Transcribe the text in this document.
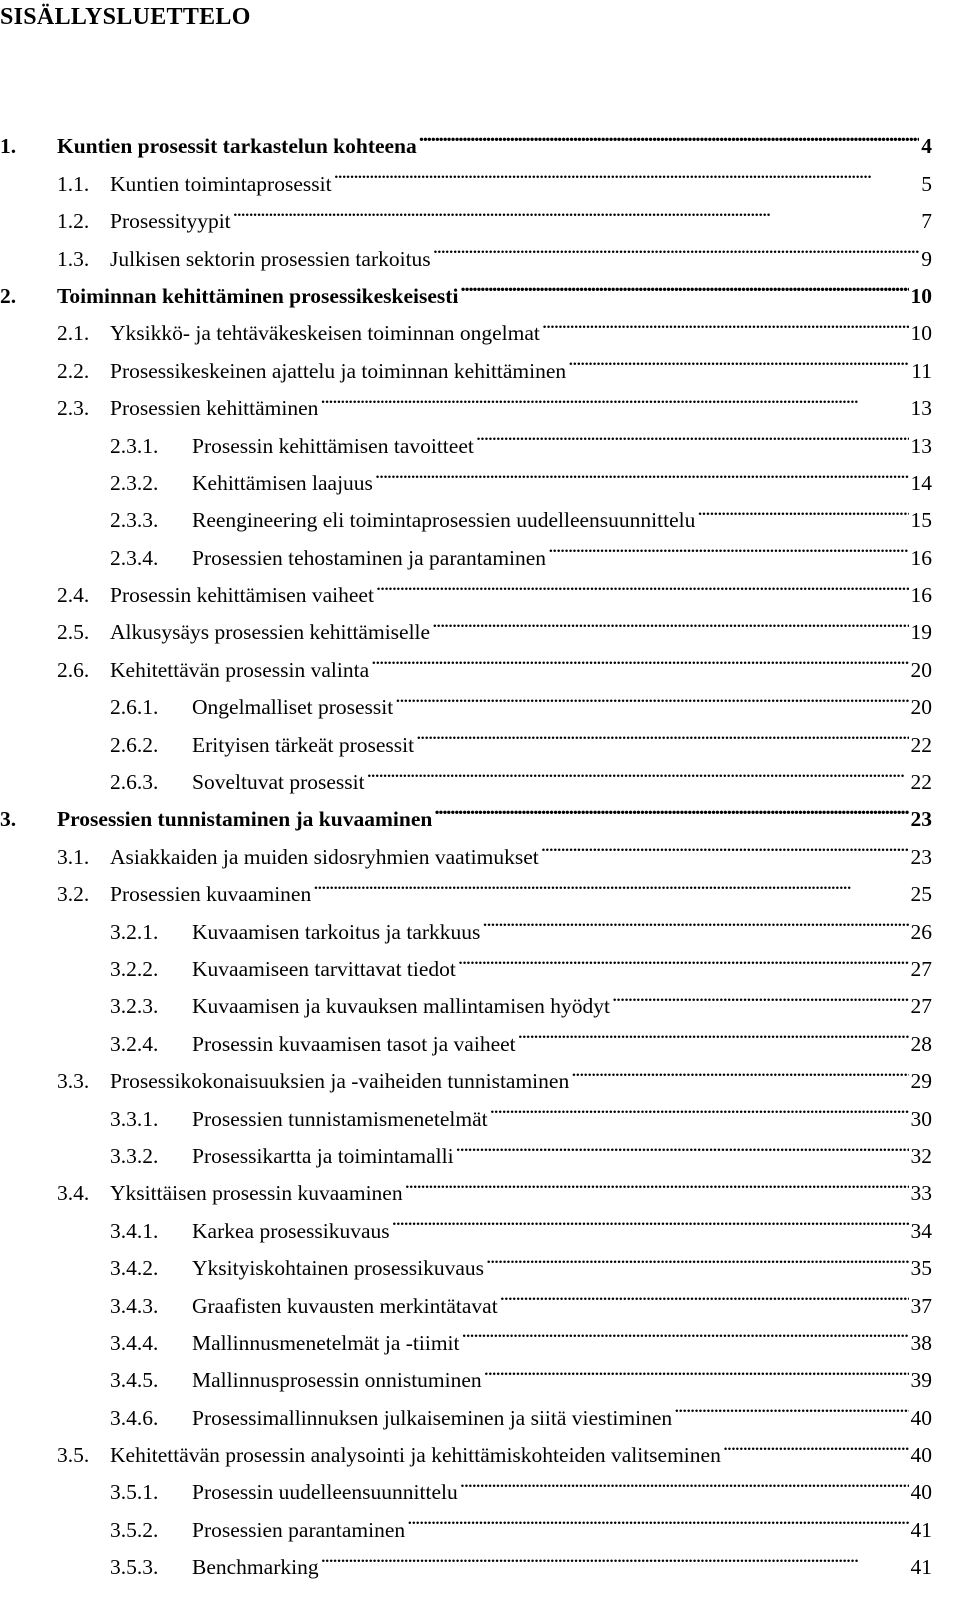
SISÄLLYSLUETTELO
1.	Kuntien prosessit tarkastelun kohteena . . .	4
1.1. Kuntien toimintaprosessit . . .	5
1.2. Prosessityypit . . .	7
1.3. Julkisen sektorin prosessien tarkoitus . . .	9
2.	Toiminnan kehittäminen prosessikeskeisesti . . .	10
2.1. Yksikkö- ja tehtäväkeskeisen toiminnan ongelmat . . .	10
2.2. Prosessikeskeinen ajattelu ja toiminnan kehittäminen . . .	11
2.3. Prosessien kehittäminen . . .	13
2.3.1.	Prosessin kehittämisen tavoitteet . . .	13
2.3.2.	Kehittämisen laajuus . . .	14
2.3.3.	Reengineering eli toimintaprosessien uudelleensuunnittelu . . .	15
2.3.4.	Prosessien tehostaminen ja parantaminen . . .	16
2.4. Prosessin kehittämisen vaiheet . . .	16
2.5. Alkusysäys prosessien kehittämiselle . . .	19
2.6. Kehitettävän prosessin valinta . . .	20
2.6.1.	Ongelmalliset prosessit . . .	20
2.6.2.	Erityisen tärkeät prosessit . . .	22
2.6.3.	Soveltuvat prosessit . . .	22
3.	Prosessien tunnistaminen ja kuvaaminen . . .	23
3.1. Asiakkaiden ja muiden sidosryhmien vaatimukset . . .	23
3.2. Prosessien kuvaaminen . . .	25
3.2.1.	Kuvaamisen tarkoitus ja tarkkuus . . .	26
3.2.2.	Kuvaamiseen tarvittavat tiedot . . .	27
3.2.3.	Kuvaamisen ja kuvauksen mallintamisen hyödyt . . .	27
3.2.4.	Prosessin kuvaamisen tasot ja vaiheet . . .	28
3.3. Prosessikokonaisuuksien ja -vaiheiden tunnistaminen . . .	29
3.3.1.	Prosessien tunnistamismenetelmät . . .	30
3.3.2.	Prosessikartta ja toimintamalli . . .	32
3.4. Yksittäisen prosessin kuvaaminen . . .	33
3.4.1.	Karkea prosessikuvaus . . .	34
3.4.2.	Yksityiskohtainen prosessikuvaus . . .	35
3.4.3.	Graafisten kuvausten merkintätavat . . .	37
3.4.4.	Mallinnusmenetelmät ja -tiimit . . .	38
3.4.5.	Mallinnusprosessin onnistuminen . . .	39
3.4.6.	Prosessimallinnuksen julkaiseminen ja siitä viestiminen . . .	40
3.5. Kehitettävän prosessin analysointi ja kehittämiskohteiden valitseminen . . .	40
3.5.1.	Prosessin uudelleensuunnittelu . . .	40
3.5.2.	Prosessien parantaminen . . .	41
3.5.3.	Benchmarking . . .	41
